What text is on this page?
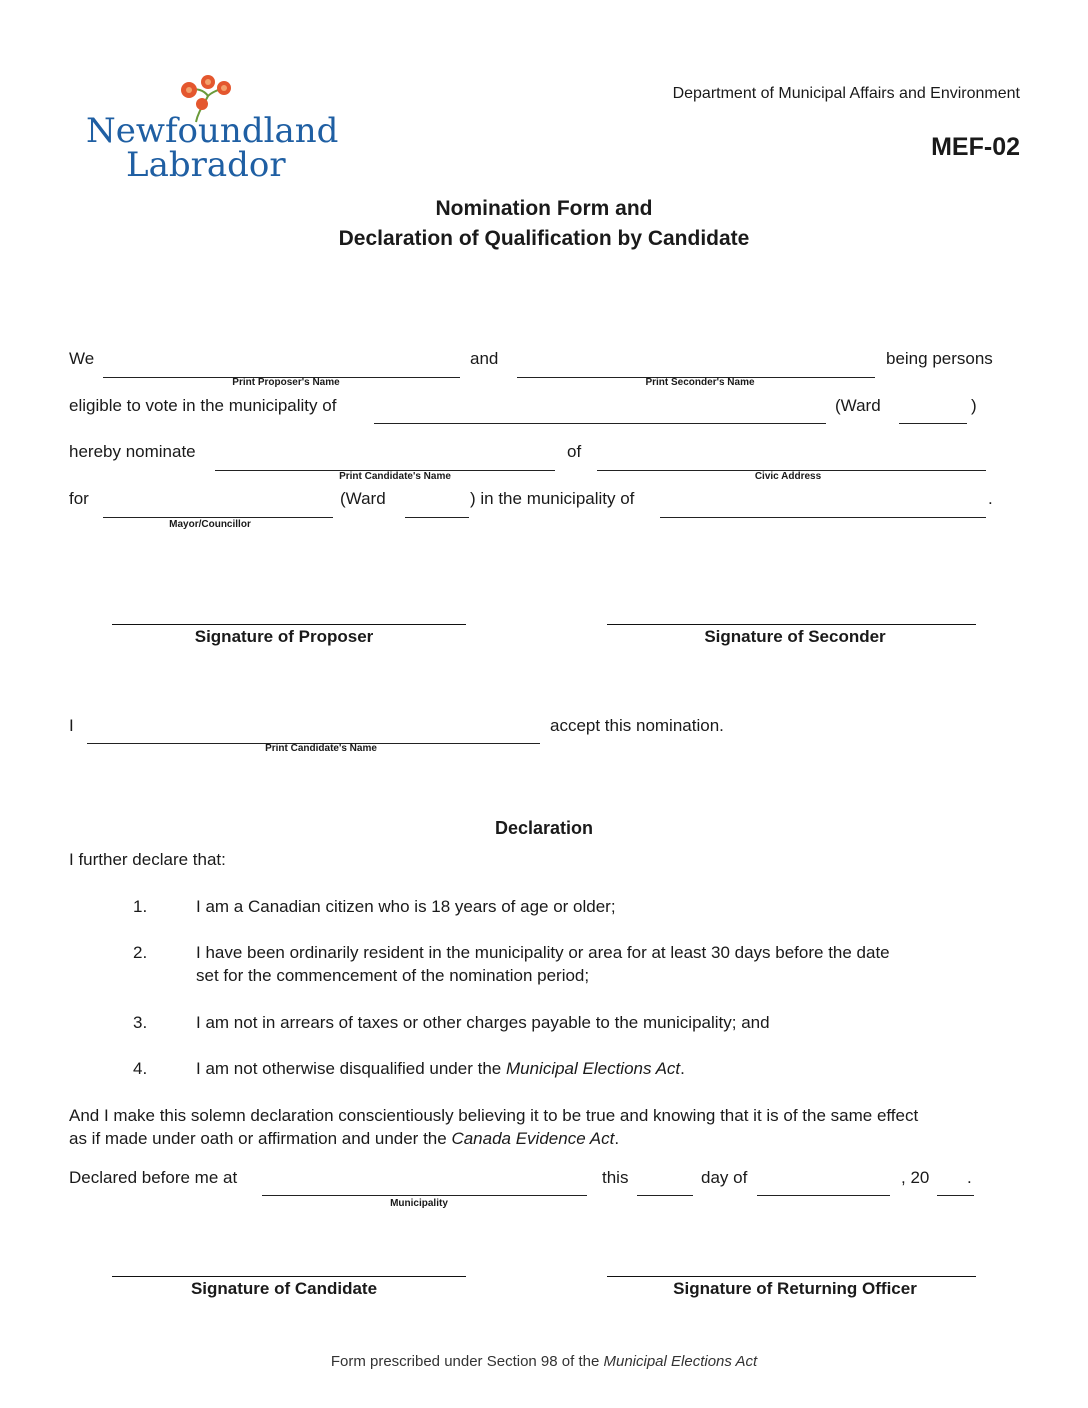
Newfoundland
Labrador
Department of Municipal Affairs and Environment
MEF-02
Nomination Form and
Declaration of Qualification by Candidate
We
Print Proposer's Name
and
Print Seconder's Name
being persons
eligible to vote in the municipality of	(Ward	)
hereby nominate
Print Candidate's Name
of
Civic Address
for
Mayor/Councillor
(Ward	) in the municipality of	.
Signature of Proposer	Signature of Seconder
I
Print Candidate's Name
accept this nomination.
Declaration
I further declare that:
1.	I am a Canadian citizen who is 18 years of age or older;
2.	I have been ordinarily resident in the municipality or area for at least 30 days before the date
set for the commencement of the nomination period;
3.	I am not in arrears of taxes or other charges payable to the municipality; and
4.	I am not otherwise disqualified under the Municipal Elections Act.
And I make this solemn declaration conscientiously believing it to be true and knowing that it is of the same effect
as if made under oath or affirmation and under the Canada Evidence Act.
Declared before me at
Municipality
this	day of	, 20 .
Signature of Candidate	Signature of Returning Officer
Form prescribed under Section 98 of the Municipal Elections Act
